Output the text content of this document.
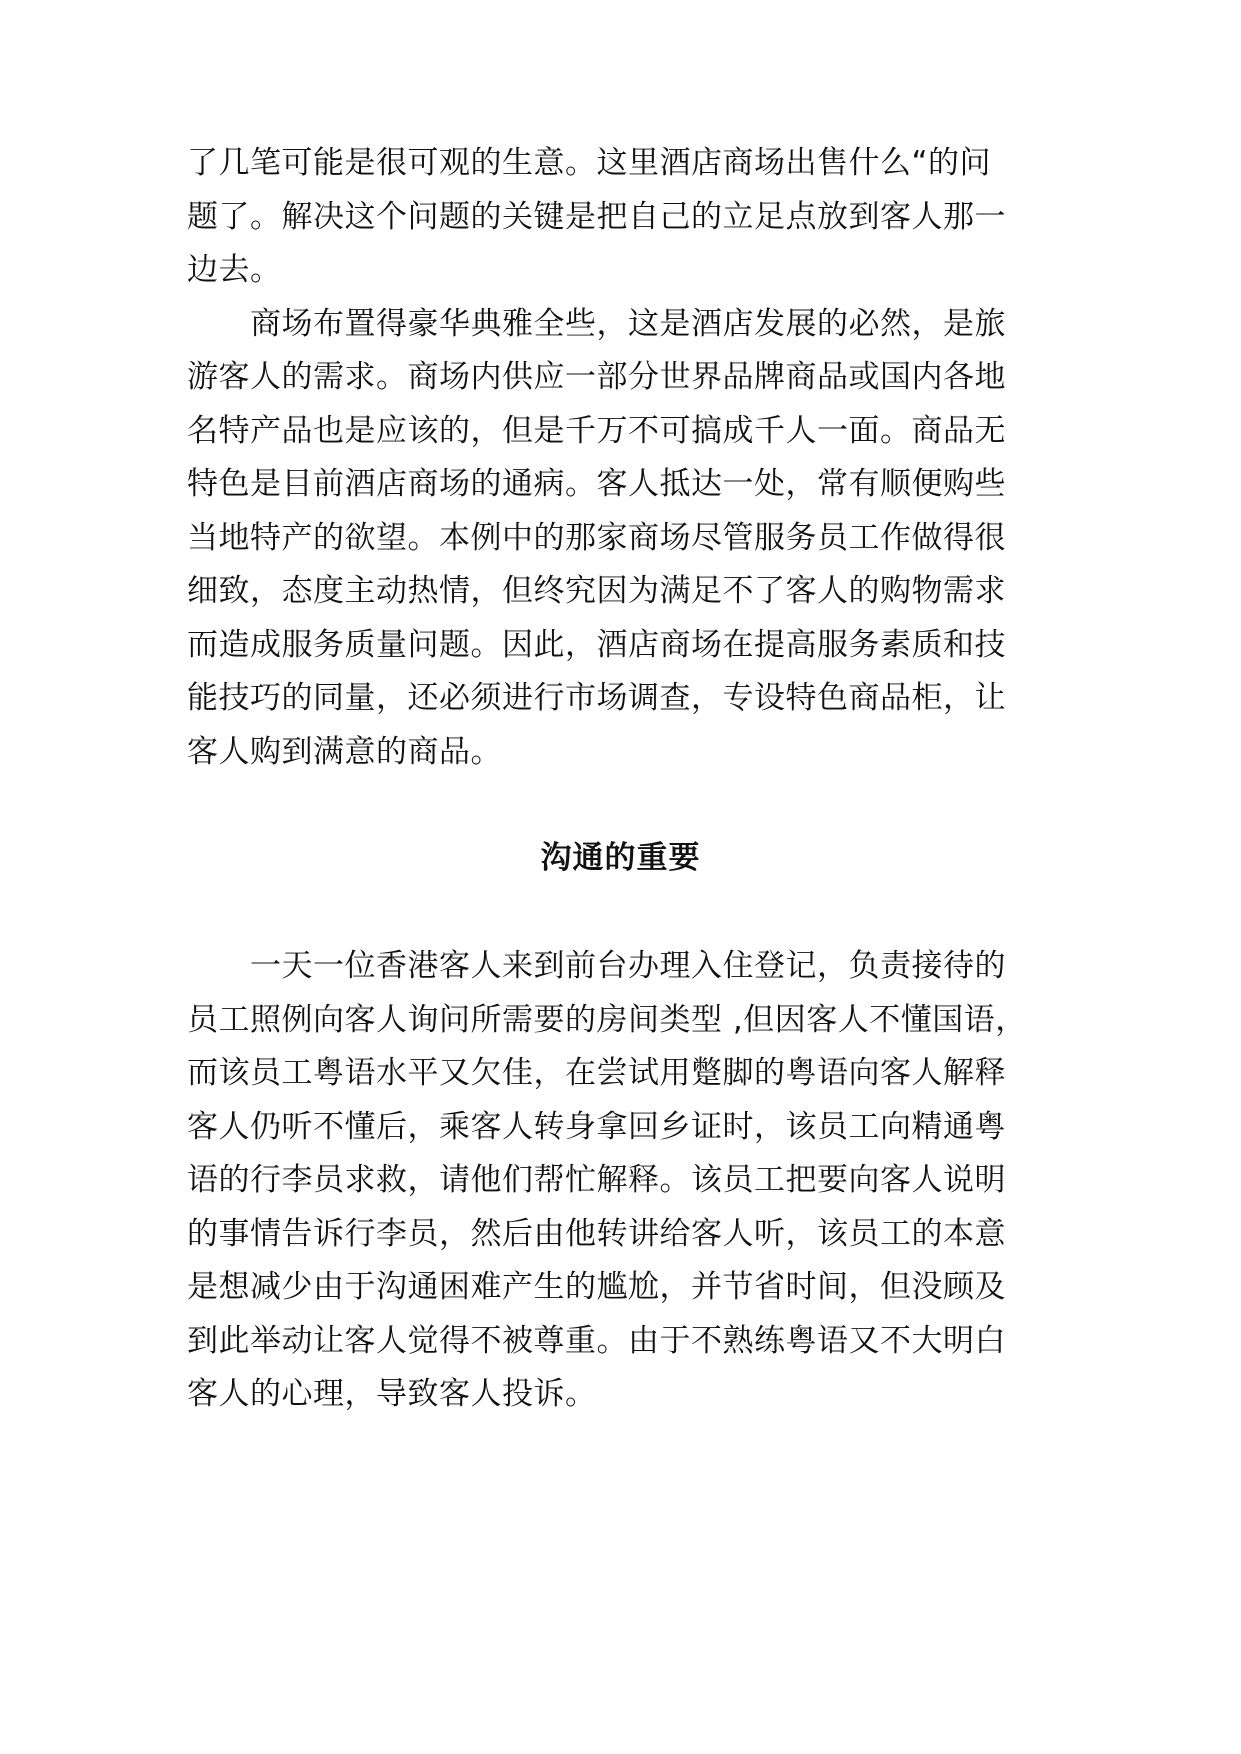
了几笔可能是很可观的生意。这里酒店商场出售什么“的问
题了。解决这个问题的关键是把自己的立足点放到客人那一
边去。
商场布置得豪华典雅全些，这是酒店发展的必然，是旅
游客人的需求。商场内供应一部分世界品牌商品或国内各地
名特产品也是应该的，但是千万不可搞成千人一面。商品无
特色是目前酒店商场的通病。客人抵达一处，常有顺便购些
当地特产的欲望。本例中的那家商场尽管服务员工作做得很
细致，态度主动热情，但终究因为满足不了客人的购物需求
而造成服务质量问题。因此，酒店商场在提高服务素质和技
能技巧的同量，还必须进行市场调查，专设特色商品柜，让
客人购到满意的商品。
沟通的重要
一天一位香港客人来到前台办理入住登记，负责接待的
员工照例向客人询问所需要的房间类型 ,但因客人不懂国语，
而该员工粤语水平又欠佳，在尝试用蹩脚的粤语向客人解释
客人仍听不懂后，乘客人转身拿回乡证时，该员工向精通粤
语的行李员求救，请他们帮忙解释。该员工把要向客人说明
的事情告诉行李员，然后由他转讲给客人听，该员工的本意
是想减少由于沟通困难产生的尴尬，并节省时间，但没顾及
到此举动让客人觉得不被尊重。由于不熟练粤语又不大明白
客人的心理，导致客人投诉。
